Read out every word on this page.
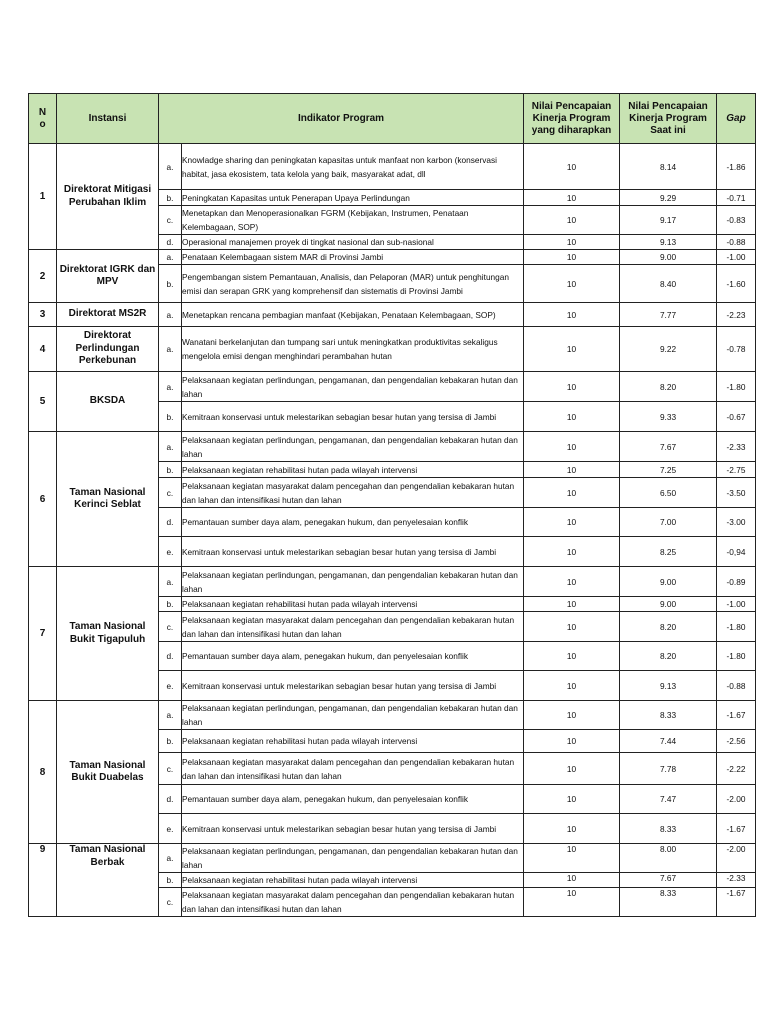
N o	Instansi	Indikator Program		Nilai Pencapaian Kinerja Program yang diharapkan	Nilai Pencapaian Kinerja Program Saat ini	Gap
1	Direktorat Mitigasi Perubahan Iklim	a.	Knowladge sharing dan peningkatan kapasitas untuk manfaat non karbon (konservasi habitat, jasa ekosistem, tata kelola yang baik, masyarakat adat, dll	10	8.14	-1.86
		b.	Peningkatan Kapasitas untuk Penerapan Upaya Perlindungan	10	9.29	-0.71
		c.	Menetapkan dan Menoperasionalkan FGRM (Kebijakan, Instrumen, Penataan Kelembagaan, SOP)	10	9.17	-0.83
		d.	Operasional manajemen proyek di tingkat nasional dan sub-nasional	10	9.13	-0.88
2	Direktorat IGRK dan MPV	a.	Penataan Kelembagaan sistem MAR di Provinsi Jambi	10	9.00	-1.00
		b.	Pengembangan sistem Pemantauan, Analisis, dan Pelaporan (MAR) untuk penghitungan emisi dan serapan GRK yang komprehensif dan sistematis di Provinsi Jambi	10	8.40	-1.60
3	Direktorat MS2R	a.	Menetapkan rencana pembagian manfaat (Kebijakan, Penataan Kelembagaan, SOP)	10	7.77	-2.23
4	Direktorat Perlindungan Perkebunan	a.	Wanatani berkelanjutan dan tumpang sari untuk meningkatkan produktivitas sekaligus mengelola emisi dengan menghindari perambahan hutan	10	9.22	-0.78
5	BKSDA	a.	Pelaksanaan kegiatan perlindungan, pengamanan, dan pengendalian kebakaran hutan dan lahan	10	8.20	-1.80
		b.	Kemitraan konservasi untuk melestarikan sebagian besar hutan yang tersisa di Jambi	10	9.33	-0.67
6	Taman Nasional Kerinci Seblat	a.	Pelaksanaan kegiatan perlindungan, pengamanan, dan pengendalian kebakaran hutan dan lahan	10	7.67	-2.33
		b.	Pelaksanaan kegiatan rehabilitasi hutan pada wilayah intervensi	10	7.25	-2.75
		c.	Pelaksanaan kegiatan masyarakat dalam pencegahan dan pengendalian kebakaran hutan dan lahan dan intensifikasi hutan dan lahan	10	6.50	-3.50
		d.	Pemantauan sumber daya alam, penegakan hukum, dan penyelesaian konflik	10	7.00	-3.00
		e.	Kemitraan konservasi untuk melestarikan sebagian besar hutan yang tersisa di Jambi	10	8.25	-0,94
7	Taman Nasional Bukit Tigapuluh	a.	Pelaksanaan kegiatan perlindungan, pengamanan, dan pengendalian kebakaran hutan dan lahan	10	9.00	-0.89
		b.	Pelaksanaan kegiatan rehabilitasi hutan pada wilayah intervensi	10	9.00	-1.00
		c.	Pelaksanaan kegiatan masyarakat dalam pencegahan dan pengendalian kebakaran hutan dan lahan dan intensifikasi hutan dan lahan	10	8.20	-1.80
		d.	Pemantauan sumber daya alam, penegakan hukum, dan penyelesaian konflik	10	8.20	-1.80
		e.	Kemitraan konservasi untuk melestarikan sebagian besar hutan yang tersisa di Jambi	10	9.13	-0.88
8	Taman Nasional Bukit Duabelas	a.	Pelaksanaan kegiatan perlindungan, pengamanan, dan pengendalian kebakaran hutan dan lahan	10	8.33	-1.67
		b.	Pelaksanaan kegiatan rehabilitasi hutan pada wilayah intervensi	10	7.44	-2.56
		c.	Pelaksanaan kegiatan masyarakat dalam pencegahan dan pengendalian kebakaran hutan dan lahan dan intensifikasi hutan dan lahan	10	7.78	-2.22
		d.	Pemantauan sumber daya alam, penegakan hukum, dan penyelesaian konflik	10	7.47	-2.00
		e.	Kemitraan konservasi untuk melestarikan sebagian besar hutan yang tersisa di Jambi	10	8.33	-1.67
9	Taman Nasional Berbak	a.	Pelaksanaan kegiatan perlindungan, pengamanan, dan pengendalian kebakaran hutan dan lahan	10	8.00	-2.00
		b.	Pelaksanaan kegiatan rehabilitasi hutan pada wilayah intervensi	10	7.67	-2.33
		c.	Pelaksanaan kegiatan masyarakat dalam pencegahan dan pengendalian kebakaran hutan dan lahan dan intensifikasi hutan dan lahan	10	8.33	-1.67
